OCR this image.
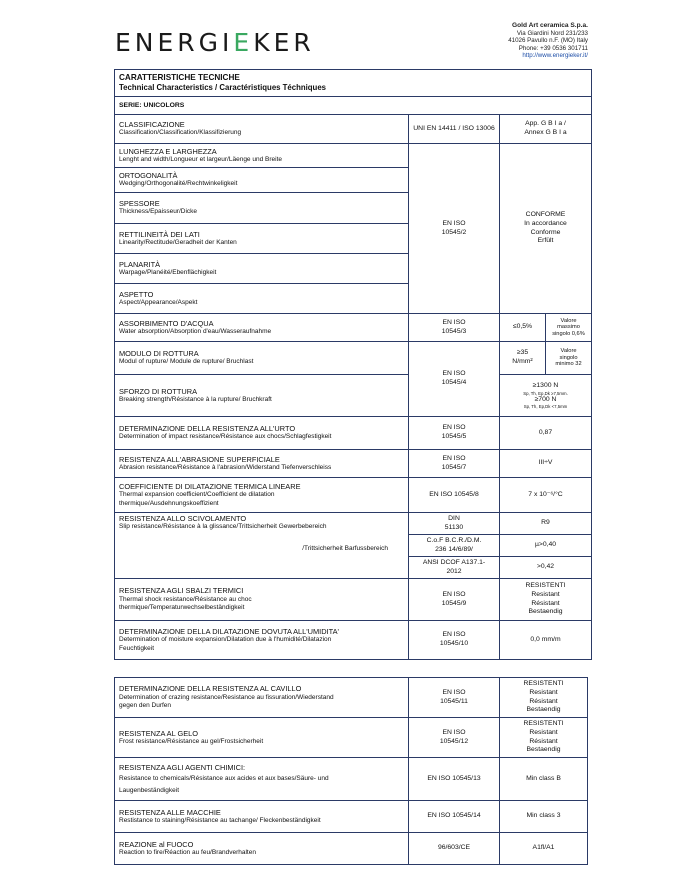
ENERGIEKER
Gold Art ceramica S.p.a.
Via Giardini Nord 231/233
41026 Pavullo n.F. (MO) Italy
Phone: +39 0536 301711
http://www.energieker.it/
CARATTERISTICHE TECNICHE
Technical Characteristics / Caractéristiques Téchniques			

SERIE: UNICOLORS			

CLASSIFICAZIONE
Classification/Classification/Klassifizierung	UNI EN 14411 / ISO 13006	App. G B I a /
Annex G B I a	

LUNGHEZZA E LARGHEZZA
Lenght and width/Longueur et largeur/Läenge und Breite	EN ISO
10545/2	CONFORME
In accordance
Conforme
Erfült	

ORTOGONALITÀ
Wedging/Orthogonalité/Rechtwinkeligkeit			

SPESSORE
Thickness/Epaisseur/Dicke			

RETTILINEITÀ DEI LATI
Linearity/Rectitude/Geradheit der Kanten			

PLANARITÀ
Warpage/Planéité/Ebenflächigkeit			

ASPETTO
Aspect/Appearance/Aspekt			

ASSORBIMENTO D'ACQUA
Water absorption/Absorption d'eau/Wasseraufnahme	EN ISO
10545/3	≤0,5%	Valore
massimo
singolo 0,6%

MODULO DI ROTTURA
Modul of rupture/ Module de rupture/ Bruchlast	EN ISO
10545/4	≥35
N/mm²	Valore
singolo
minimo 32

SFORZO DI ROTTURA
Breaking strength/Résistance à la rupture/ Bruchkraft		≥1300 N
Sp, Th, Ep,Dk ≥7,5mm.
≥700 N
Sp, Th, Ep,Dk <7,5mm	

DETERMINAZIONE DELLA RESISTENZA ALL'URTO
Determination of impact resistance/Résistance aux chocs/Schlagfestigkeit	EN ISO
10545/5	0,87	

RESISTENZA ALL'ABRASIONE SUPERFICIALE
Abrasion resistance/Résistance à l'abrasion/Widerstand Tiefenverschleiss	EN ISO
10545/7	III÷V	

COEFFICIENTE DI DILATAZIONE TERMICA LINEARE
Thermal expansion coefficient/Coefficient de dilatation
thermique/Ausdehnungskoeffizient	EN ISO 10545/8	7 x 10⁻⁶/°C	

RESISTENZA ALLO SCIVOLAMENTO
Slip resistance/Résistance à la glissance/Trittsicherheit Gewerbebereich
/Trittsicherheit Barfussbereich	DIN
51130	R9	

	C.o.F B.C.R./D.M.
236 14/6/89/	µ>0,40	

	ANSI DCOF A137.1-
2012	>0,42	

RESISTENZA AGLI SBALZI TERMICI
Thermal shock resistance/Résistance au choc
thermique/Temperaturwechselbeständigkeit	EN ISO
10545/9	RESISTENTI
Resistant
Résistant
Bestaendig	

DETERMINAZIONE DELLA DILATAZIONE DOVUTA ALL'UMIDITA'
Determination of moisture expansion/Dilatation due à l'humidité/Dilatazion
Feuchtigkeit	EN ISO
10545/10	0,0 mm/m	
DETERMINAZIONE DELLA RESISTENZA AL CAVILLO
Determination of crazing resistance/Resistance au fissuration/Wiederstand
gegen den Durfen	EN ISO
10545/11	RESISTENTI
Resistant
Résistant
Bestaendig

RESISTENZA AL GELO
Frost resistance/Résistance au gel/Frostsicherheit	EN ISO
10545/12	RESISTENTI
Resistant
Résistant
Bestaendig

RESISTENZA AGLI AGENTI CHIMICI:
Resistance to chemicals/Résistance aux acides et aux bases/Säure- und
Laugenbeständigkeit	EN ISO 10545/13	Min class B

RESISTENZA ALLE MACCHIE
Restistance to staining/Résistance au tachange/ Fleckenbeständigkeit	EN ISO 10545/14	Min class 3

REAZIONE al FUOCO
Reaction to fire/Réaction au feu/Brandverhalten	96/603/CE	A1fl/A1
